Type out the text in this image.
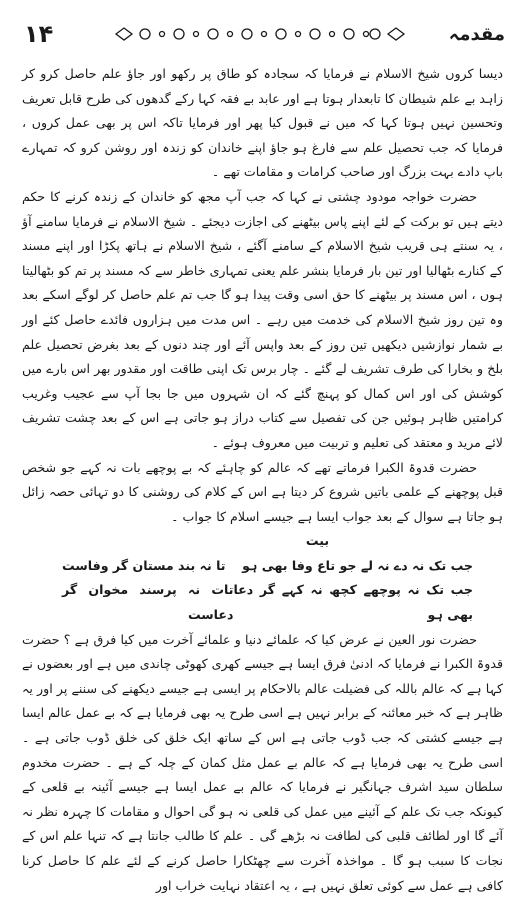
۱۴	مقدمہ

دیسا کروں شیخ الاسلام نے فرمایا کہ سجادہ کو طاق پر رکھو اور جاؤ علم حاصل کرو کر زاہد بے علم شیطان کا تابعدار ہوتا ہے اور عابد بے فقہ کہا رکے گدھوں کی طرح قابل تعریف وتحسین نہیں ہوتا کہا کہ میں نے قبول کیا پھر اور فرمایا تاکہ اس پر بھی عمل کروں ، فرمایا کہ جب تحصیل علم سے فارغ ہو جاؤ اپنے خاندان کو زندہ اور روشن کرو کہ تمہارے باپ دادے بہت بزرگ اور صاحب کرامات و مقامات تھے ۔

حضرت خواجہ مودود چشتی نے کہا کہ جب آپ مجھ کو خاندان کے زندہ کرنے کا حکم دیتے ہیں تو برکت کے لئے اپنے پاس بیٹھنے کی اجازت دیجئے ۔ شیخ الاسلام نے فرمایا سامنے آؤ ، یہ سنتے ہی قریب شیخ الاسلام کے سامنے آگئے ، شیخ الاسلام نے ہاتھ پکڑا اور اپنے مسند کے کنارے بٹھالیا اور تین بار فرمایا بنشر علم یعنی تمہاری خاطر سے کہ مسند پر تم کو بٹھالیتا ہوں ، اس مسند پر بیٹھنے کا حق اسی وقت پیدا ہو گا جب تم علم حاصل کر لوگے اسکے بعد وہ تین روز شیخ الاسلام کی خدمت میں رہے ۔ اس مدت میں ہزاروں فائدے حاصل کئے اور بے شمار نوازشیں دیکھیں تین روز کے بعد واپس آئے اور چند دنوں کے بعد بغرض تحصیل علم بلخ و بخارا کی طرف تشریف لے گئے ۔ چار برس تک اپنی طاقت اور مقدور بھر اس بارے میں کوشش کی اور اس کمال کو پہنچ گئے کہ ان شہروں میں جا بجا آپ سے عجیب وغریب کرامتیں ظاہر ہوئیں جن کی تفصیل سے کتاب دراز ہو جاتی ہے اس کے بعد چشت تشریف لائے مرید و معتقد کی تعلیم و تربیت میں معروف ہوئے ۔

حضرت قدوۃ الکبرا فرماتے تھے کہ عالم کو چاہئے کہ بے پوچھے بات نہ کہے جو شخص قبل پوچھنے کے علمی باتیں شروع کر دیتا ہے اس کے کلام کی روشنی کا دو تہائی حصہ زائل ہو جاتا ہے سوال کے بعد جواب ایسا ہے جیسے اسلام کا جواب ۔

بیت

جب تک نہ دے نہ لے جو تاع وفا بھی ہو
تا نہ بند مستان گر وفاست
جب تک نہ پوچھے کچھ نہ کہے گر دعا بھی ہو
تات نہ پرسند مخوان گر دعاست

حضرت نور العین نے عرض کیا کہ علمائے دنیا و علمائے آخرت میں کیا فرق ہے ؟ حضرت قدوۃ الکبرا نے فرمایا کہ ادنیٰ فرق ایسا ہے جیسے کھری کھوٹی چاندی میں ہے اور بعضوں نے کہا ہے کہ عالم باللہ کی فضیلت عالم بالاحکام پر ایسی ہے جیسے دیکھنے کی سننے پر اور یہ ظاہر ہے کہ خبر معائنہ کے برابر نہیں ہے اسی طرح یہ بھی فرمایا ہے کہ بے عمل عالم ایسا ہے جیسے کشتی کہ جب ڈوب جاتی ہے اس کے ساتھ ایک خلق کی خلق ڈوب جاتی ہے ۔ اسی طرح یہ بھی فرمایا ہے کہ عالم بے عمل مثل کمان کے چلہ کے ہے ۔ حضرت مخدوم سلطان سید اشرف جہانگیر نے فرمایا کہ عالم بے عمل ایسا ہے جیسے آئینہ بے قلعی کے کیونکہ جب تک علم کے آئینے میں عمل کی قلعی نہ ہو گی احوال و مقامات کا چہرہ نظر نہ آئے گا اور لطائف قلبی کی لطافت نہ بڑھے گی ۔ علم کا طالب جانتا ہے کہ تنہا علم اس کے نجات کا سبب ہو گا ۔ مواخذہ آخرت سے چھٹکارا حاصل کرنے کے لئے علم کا حاصل کرنا کافی ہے عمل سے کوئی تعلق نہیں ہے ، یہ اعتقاد نہایت خراب اور
